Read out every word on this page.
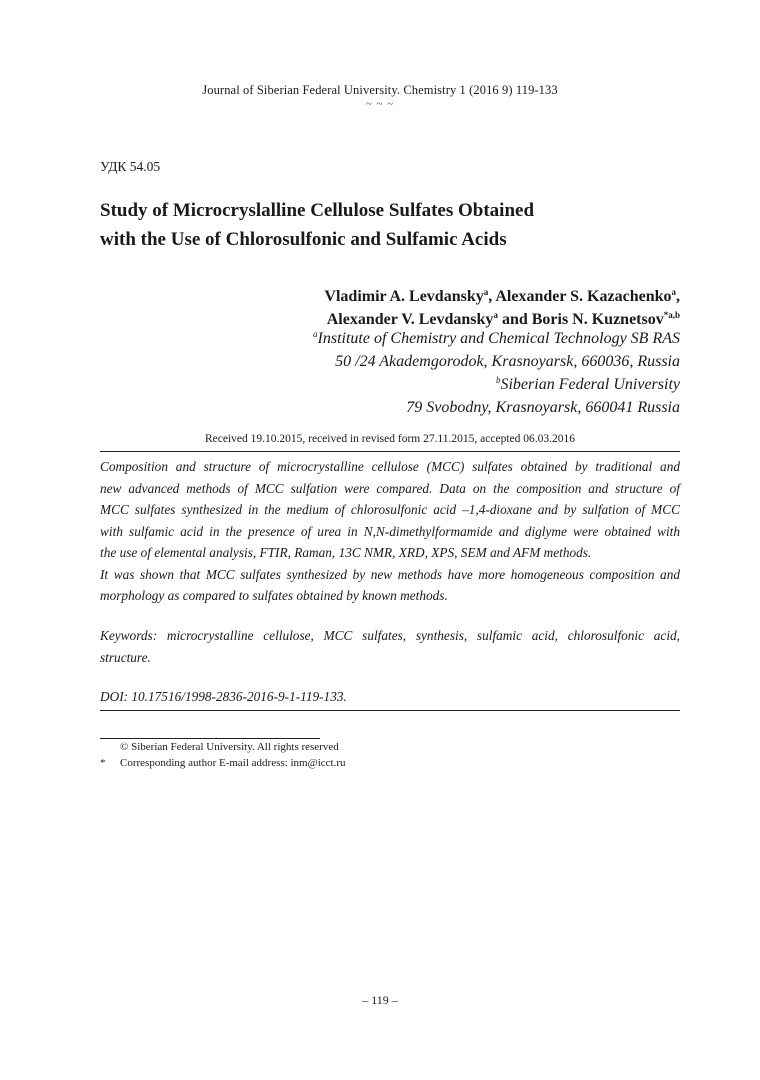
Journal of Siberian Federal University. Chemistry 1 (2016 9) 119-133
~ ~ ~
УДК 54.05
Study of Microcryslalline Cellulose Sulfates Obtained
with the Use of Chlorosulfonic and Sulfamic Acids
Vladimir A. Levdansky$^a$, Alexander S. Kazachenko$^a$,
Alexander V. Levdansky$^a$ and Boris N. Kuznetsov$^{*a,b}$
$^a$Institute of Chemistry and Chemical Technology SB RAS
50 /24 Akademgorodok, Krasnoyarsk, 660036, Russia
$^b$Siberian Federal University
79 Svobodny, Krasnoyarsk, 660041 Russia
Received 19.10.2015, received in revised form 27.11.2015, accepted 06.03.2016

Composition and structure of microcrystalline cellulose (MCC) sulfates obtained by traditional and

new advanced methods of MCC sulfation were compared. Data on the composition and structure of

MCC sulfates synthesized in the medium of chlorosulfonic acid –1,4-dioxane and by sulfation of MCC

with sulfamic acid in the presence of urea in N,N-dimethylformamide and diglyme were obtained with

the use of elemental analysis, FTIR, Raman, 13C NMR, XRD, XPS, SEM and AFM methods.

It was shown that MCC sulfates synthesized by new methods have more homogeneous composition and

morphology as compared to sulfates obtained by known methods.

Keywords: microcrystalline cellulose, MCC sulfates, synthesis, sulfamic acid, chlorosulfonic acid,
structure.
DOI: 10.17516/1998-2836-2016-9-1-119-133.
© Siberian Federal University. All rights reserved
* Corresponding author E-mail address: inm@icct.ru
– 119 –
